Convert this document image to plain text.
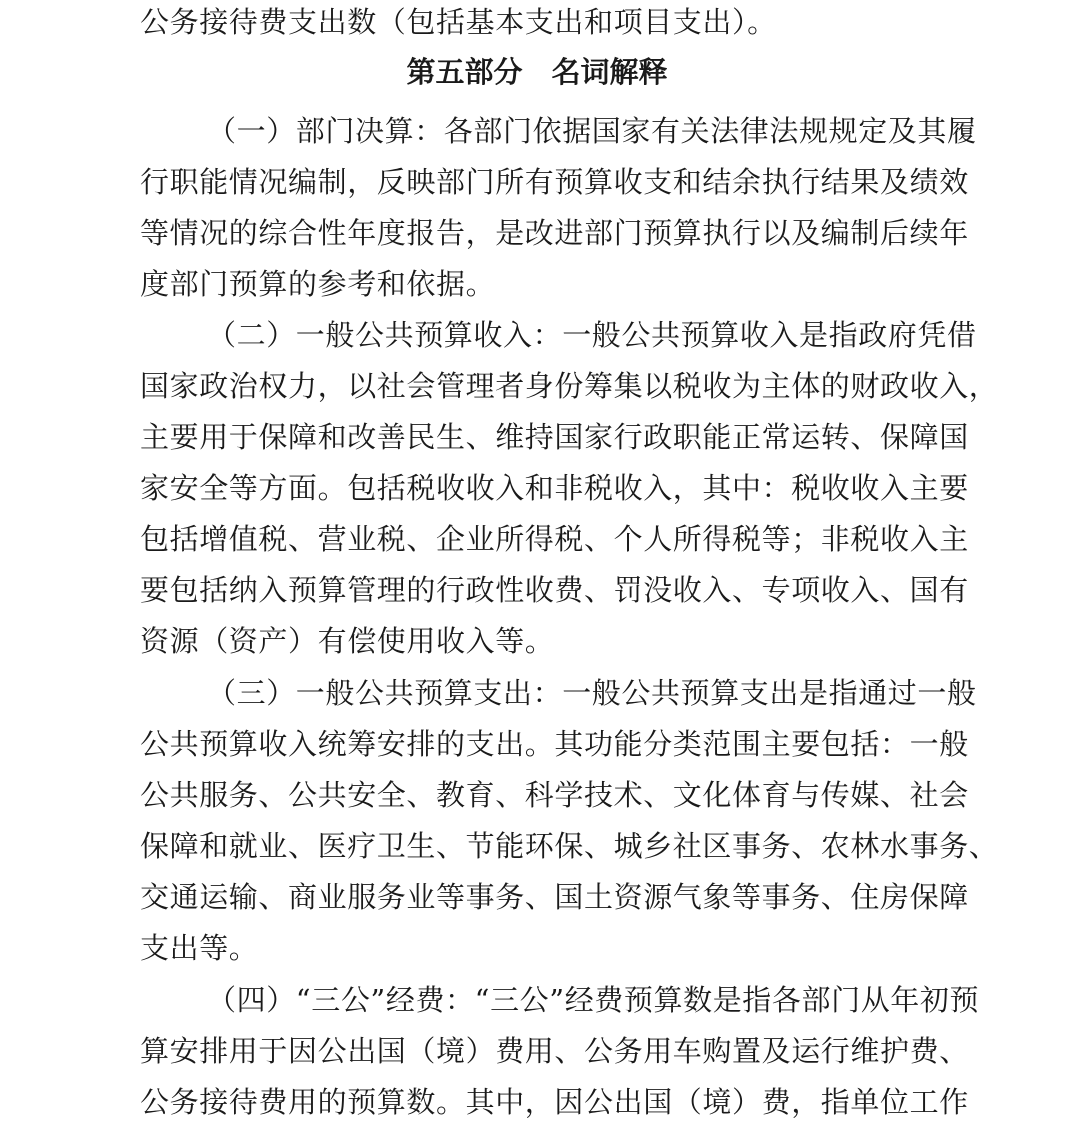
公务接待费支出数（包括基本支出和项目支出）。
第五部分　名词解释
（一）部门决算：各部门依据国家有关法律法规规定及其履
行职能情况编制，反映部门所有预算收支和结余执行结果及绩效
等情况的综合性年度报告，是改进部门预算执行以及编制后续年
度部门预算的参考和依据。
（二）一般公共预算收入：一般公共预算收入是指政府凭借
国家政治权力，以社会管理者身份筹集以税收为主体的财政收入，
主要用于保障和改善民生、维持国家行政职能正常运转、保障国
家安全等方面。包括税收收入和非税收入，其中：税收收入主要
包括增值税、营业税、企业所得税、个人所得税等；非税收入主
要包括纳入预算管理的行政性收费、罚没收入、专项收入、国有
资源（资产）有偿使用收入等。
（三）一般公共预算支出：一般公共预算支出是指通过一般
公共预算收入统筹安排的支出。其功能分类范围主要包括：一般
公共服务、公共安全、教育、科学技术、文化体育与传媒、社会
保障和就业、医疗卫生、节能环保、城乡社区事务、农林水事务、
交通运输、商业服务业等事务、国土资源气象等事务、住房保障
支出等。
（四）“三公”经费：“三公”经费预算数是指各部门从年初预
算安排用于因公出国（境）费用、公务用车购置及运行维护费、
公务接待费用的预算数。其中，因公出国（境）费，指单位工作
